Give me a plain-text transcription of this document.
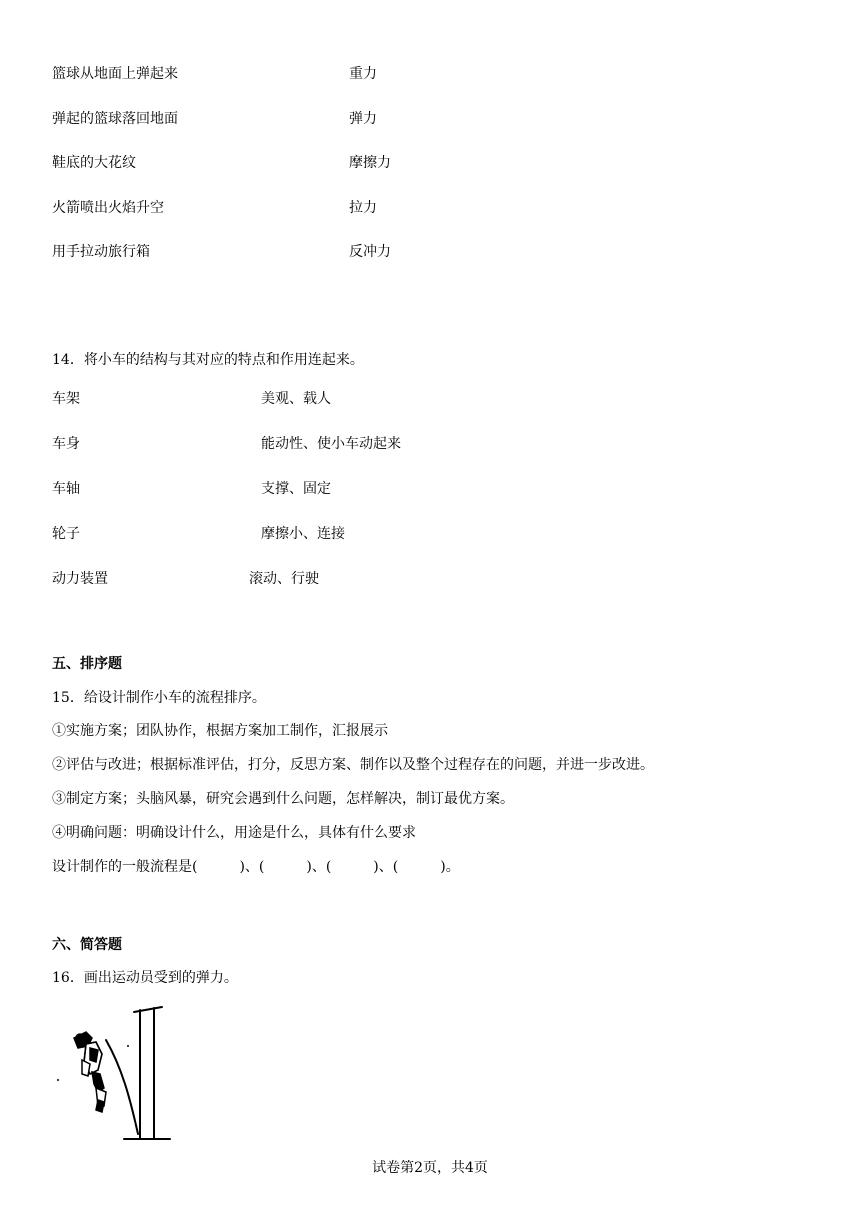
篮球从地面上弹起来	重力
弹起的篮球落回地面	弹力
鞋底的大花纹	摩擦力
火箭喷出火焰升空	拉力
用手拉动旅行箱	反冲力
14．将小车的结构与其对应的特点和作用连起来。
车架	美观、载人
车身	能动性、使小车动起来
车轴	支撑、固定
轮子	摩擦小、连接
动力装置	滚动、行驶
五、排序题
15．给设计制作小车的流程排序。
①实施方案；团队协作，根据方案加工制作，汇报展示
②评估与改进；根据标准评估，打分，反思方案、制作以及整个过程存在的问题，并进一步改进。
③制定方案；头脑风暴，研究会遇到什么问题，怎样解决，制订最优方案。
④明确问题：明确设计什么，用途是什么，具体有什么要求
设计制作的一般流程是(　　　)、(　　　)、(　　　)、(　　　)。
六、简答题
16．画出运动员受到的弹力。
试卷第2页，共4页
